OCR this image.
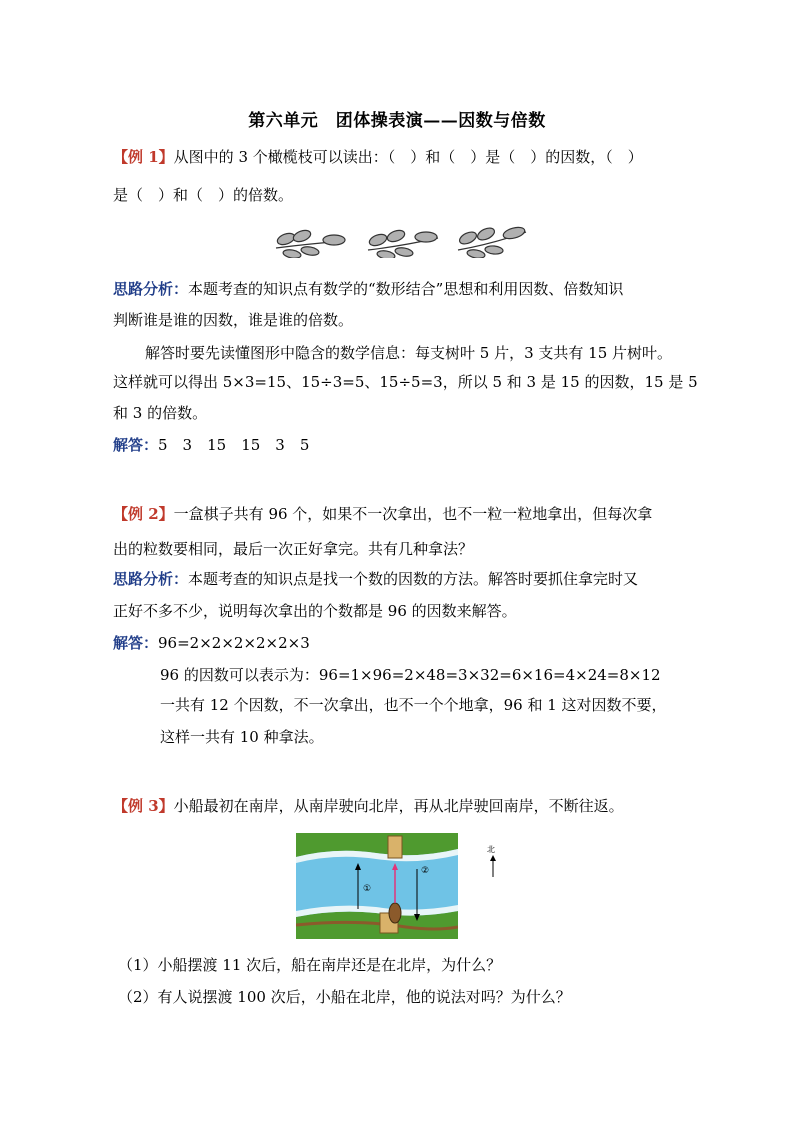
第六单元　团体操表演——因数与倍数
【例 1】从图中的 3 个橄榄枝可以读出：（　）和（　）是（　）的因数，（　）
是（　）和（　）的倍数。
思路分析：本题考查的知识点有数学的“数形结合”思想和利用因数、倍数知识
判断谁是谁的因数，谁是谁的倍数。
解答时要先读懂图形中隐含的数学信息：每支树叶 5 片，3 支共有 15 片树叶。
这样就可以得出 5×3=15、15÷3=5、15÷5=3，所以 5 和 3 是 15 的因数，15 是 5
和 3 的倍数。
解答：5　3　15　15　3　5
【例 2】一盒棋子共有 96 个，如果不一次拿出，也不一粒一粒地拿出，但每次拿
出的粒数要相同，最后一次正好拿完。共有几种拿法？
思路分析：本题考查的知识点是找一个数的因数的方法。解答时要抓住拿完时又
正好不多不少，说明每次拿出的个数都是 96 的因数来解答。
解答：96=2×2×2×2×2×3
96 的因数可以表示为：96=1×96=2×48=3×32=6×16=4×24=8×12
一共有 12 个因数，不一次拿出，也不一个个地拿，96 和 1 这对因数不要，
这样一共有 10 种拿法。
【例 3】小船最初在南岸，从南岸驶向北岸，再从北岸驶回南岸，不断往返。
①
②
北
（1）小船摆渡 11 次后，船在南岸还是在北岸，为什么？
（2）有人说摆渡 100 次后，小船在北岸，他的说法对吗？为什么？
